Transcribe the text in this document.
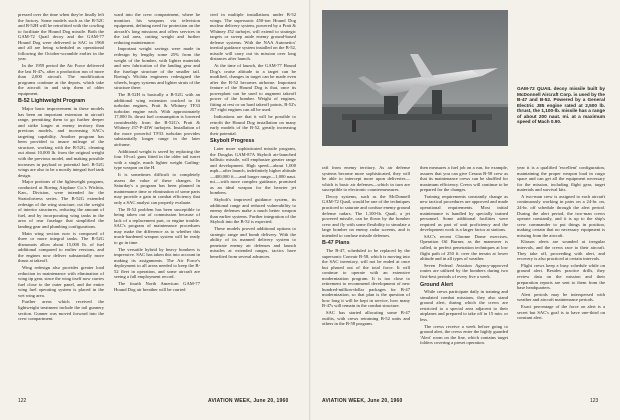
pressed over the time when they're finally left the factory. Some models such as the B-52C and B-52H will be retrofitted with the cowling to facilitate the Hound Dog missile. Both the GAM-72 Quail decoy and the GAM-77 Hound Dog were delivered to SAC in 1960 and all are being scheduled as operational following the October-scramble earlier in the year.

In the 1959 period the Air Force delivered the last B-47s, after a production run of more than 2,000 aircraft. The modification programs continue at the depots, which take the aircraft in and strip them of older equipment.

B-52 Lightweight Program

Major basic improvement in these models has been an important extension in aircraft range, permitting them to go further deeper and strike longer at enemy territory than previous models, and increasing SAC's targeting capability. Another program has been provided to insure mileage of the structure, working with the B-52G, cleaning out about 10,000 lb. from the original weight with the previous model, and making possible increases in payload or potential fuel. B-52G wings are also to be a mostly integral fuel tank design.

Major portions of the lightweight program, conducted at Boeing Airplane Co.'s Wichita, Kan., Division, were intended for the Stratofortress series. The B-52G extended redesign of the wing structure, cut the weight of interior structures, reducing the amount of fuel, and by incorporating wing tanks in the area of rear fuselage that simplified the landing gear and plumbing configurations.

Main wing section now is composed of three or more integral tanks. The B-52G dismounts allow about 15,000 lb. of fuel additional compared to earlier versions, and the engines now deliver substantially more thrust at takeoff.

Wing redesign also provides greater load reduction in maintenance with elimination of wing tip gear, since the wing itself now carries fuel close to the outer panel, and the entire wing fuel operating system is placed in the wet wing area.

Further areas which received the lightweight treatment include the tail gunnery section. Gunner was moved forward into the crew compartment.

ward into the crew compartment, where he monitors his weapons via television equipment, defining need for protection on the aircraft's long missions and offers services in the tail area, cutting weight and further reducing maintenance.

Important weight savings were made in redesign by lengthy some 25% from the weight of the bomber, with lighter materials and new fabrication of the landing gear and the fuselage structure of the smaller tail. Boeing's Wichita engineers redesigned the wheels, bogey systems and lighter struts of the structure there.

The B-52H is basically a B-52G with an additional wing extension cracked to fit turbofan engines, Pratt & Whitney TF33 turbofan engine each. With approximately 17,000 lb. thrust fuel consumption is lowered considerably from the B-52G's Pratt & Whitney J57-P-43W turbojets. Installation of the more powerful TF33 turbofan provides substantially longer range in the later airframe.

Additional weight is saved by replacing the four 10-cal. guns fitted in the older tail turret with a single, much lighter weight Gatling-type weapon on the H.

It is sometimes difficult to completely assess the value of these changes. In Saturday's a program has been planned in maintenance time or elimination of some parts may provide a gain in combat efficiency that only a SAC analyst can properly evaluate.

The B-52 problem has been susceptible to being taken out of commission because of lack of a replacement part, or engine trouble. SAC's program of maintenance procedures may make the difference as to whether this much-hardened weapon system will be ready to go in time.

The versatile hybrid by heavy bombers is impressive. SAC has taken this into account in making its assignments. The Air Force's deployment to all areas needed to keep the B-52 fleet in operation, and some aircraft are seeing a full employment record.

The fourth North American GAM-77 Hound Dog air breather will be carried

cied in multiple installations under B-52 wings. The supersonic 450-ton Hound Dog nuclear delivery system, powered by a Pratt & Whitney J52 turbojet, will extend to strategic targets or sweep aside enemy ground-based defense systems. With the NAA Autonetics' inertial guidance system installed on the B-52, missile will carry out its mission over long distances after launch.

At the time of launch, the GAM-77 Hound Dog's cruise altitude to a target can be modified, changes in target can be made even after the B-52 becomes airborne. Important feature of the Hound Dog is that, once its powerplant can be used to augment takeoff power of the bomber. Weight of engines, fitting at rest or on hard takeoff points, B-52's J57 eight engines can all be used.

Indications are that it will be possible to retrofit the Hound Dog installation on many early models of the B-52, greatly increasing their potential.

Skybolt Progress

Later more sophisticated missile program, the Douglas GAM-87A Skybolt air-launched ballistic missile, will emphasize greater range and development. High speed—about 1,000 mph—after launch, indefinitely higher altitude—400,000 ft.—and longer range—1,000 naut. mi.—with more complex guidance, promised as an ideal weapon for the heavier jet bombers.

Skybolt's improved guidance system, its additional range and reduced vulnerability to enemy defenses make a much better weapon than earlier systems. Further integration of the Skybolt into the B-52 is expected.

These models proved additional options to strategic range and bomb delivery. With the ability of its manned delivery system to penetrate enemy air defenses and launch missiles at extended ranges, tactics have benefited from several advances.

GAM-72 QUAIL decoy missile built by McDonnell Aircraft Corp. is used by the B-47 and B-52. Powered by a General Electric J85 engine rated at 2,500 lb. thrust, the 1,100-lb. missile has a range of about 200 naut. mi. at a maximum speed of Mach 0.90.

raft from enemy territory. As air defense systems become more sophisticated, they will be able to intercept more upon deliveries—which is basic air defenses—which in turn are susceptible to electronic countermeasures.

Decoy systems, such as the McDonnell GAM-72 Quail, would be one of the techniques practiced to saturate and confuse enemy ground defense radars. The 1,100-lb. Quail, a jet powered missile, can be flown by the bomber crew and fly with some flexibility to simulate a large bomber on enemy radar screens, and is intended to confuse missile defenses.

B-47 Plans

The B-47, scheduled to be replaced by the supersonic Convair B-58, which is moving into the SAC inventory, will not be ended at once but phased out of the total force. It will continue to operate with an extensive modernization program. It is too close to retirement to recommend development of new hundred-million-dollar packages for B-47 modernization, so that plan is the question of how long it will be kept in service, how many B-47s will remain in the combat structure.

SAC has started allocating some B-47 outfits, with crews retraining B-52 units and others in the B-58 program.

then measures a fuel job on a run, for example, assures that you can give Cessna B-58 crew as that its maintenance crews can be shuffled for maximum efficiency. Crews will continue to be prepared for the changes.

Training requirements constantly change as new tactical procedures are approved and made operational requirements. Most initial maintenance is handled by specially trained personnel. Some additional facilities were required as part of unit proficiency and the development work is a larger factor at stations.

SAC's recent Chrome Dome exercises, Operation Oil Burner, as the maneuver is called, to perfect penetration techniques at low flight path of 250 ft. over the terrain at lower altitude and in all types of weather.

Seven Federal Aviation Agency-approved routes are utilized by the bombers during two first-best periods of every five a week.

Ground Alert

While crews participate daily in training and simulated combat missions, they also stand ground alert, during which the crews are restricted to a special area adjacent to their airplanes and prepared to take off in 15 min. or less.

The crews receive a week before going to ground alert, the crews enter the highly guarded 'Alert' room on the line, which contains target folders covering a preset operation.

year it is a qualified 'excellent' configuration, maintaining the proper weapon load in cargo space and can get all the equipment necessary for the mission, including flight gear, target materials and survival kits.

A two-man crew is assigned to each aircraft continuously working in pairs on a 24-hr. on, 24-hr. off schedule through the alert period. During the alert period, the two-man crews operate constantly, and it is up to the ship's crew commander to put things in position, making certain that no necessary equipment is missing from the aircraft.

Klaxon alerts are sounded at irregular intervals, and the crews race to their aircraft. They take off, proceeding with alert, and recovery is also practiced at certain intervals.

Flight crews keep a busy schedule while on ground alert. Besides practice drills, they review data on the mission and their preparation reports are sent to them from the base headquarters.

Alert periods may be interspersed with weather and aircraft maintenance periods.

Exact percentage of the force on alert is a secret but SAC's goal is to have one-third on constant alert.

122	AVIATION WEEK, June 20, 1960	AVIATION WEEK, June 20, 1960	123
